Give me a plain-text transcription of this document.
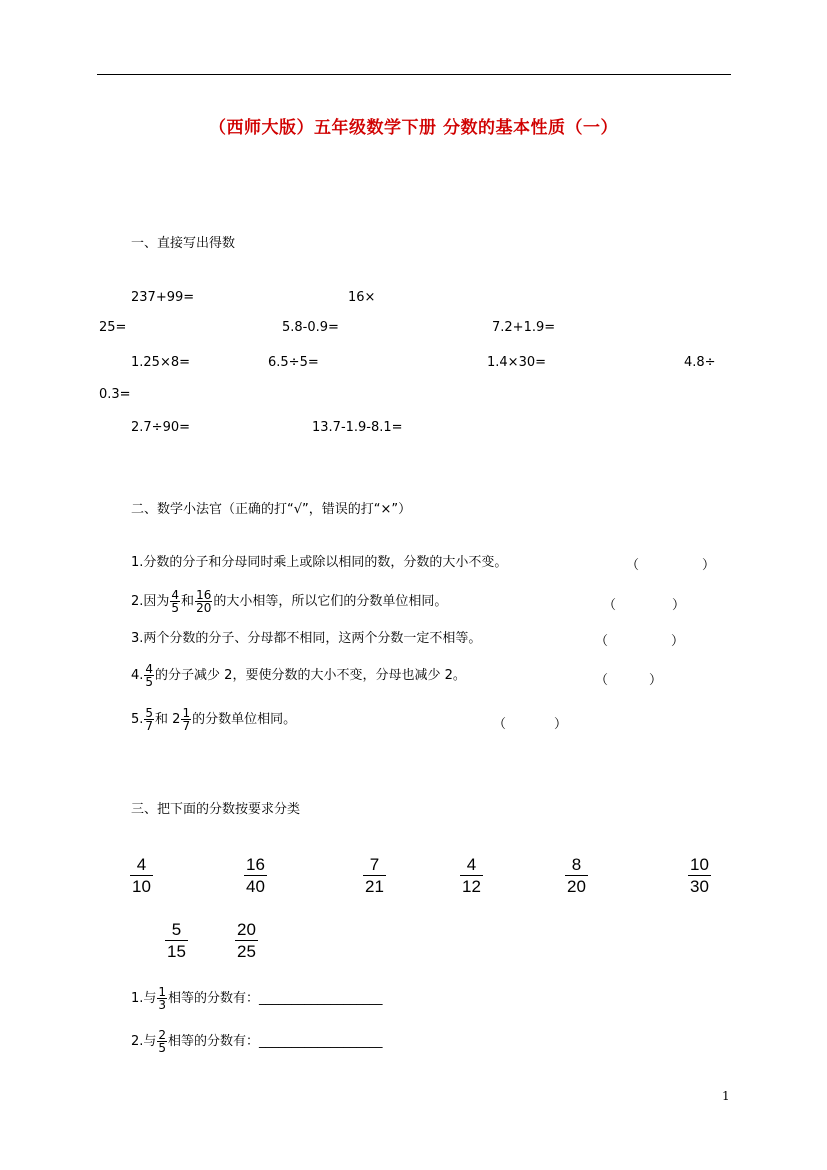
（西师大版）五年级数学下册 分数的基本性质（一）
一、直接写出得数
237+99=	16×
25=	5.8-0.9=	7.2+1.9=
1.25×8=	6.5÷5=	1.4×30=	4.8÷
0.3=
2.7÷90=	13.7-1.9-8.1=
二、数学小法官（正确的打“√”，错误的打“×”）
1.分数的分子和分母同时乘上或除以相同的数，分数的大小不变。	（	）
2.因为 $\frac{4}{5}$ 和 $\frac{16}{20}$ 的大小相等，所以它们的分数单位相同。	（	）
3.两个分数的分子、分母都不相同，这两个分数一定不相等。	（	）
4. $\frac{4}{5}$ 的分子减少 2，要使分数的大小不变，分母也减少 2。	（	）
5. $\frac{5}{7}$ 和 $2 \frac{1}{7}$ 的分数单位相同。	（	）
三、把下面的分数按要求分类
4
10
16
40
7
21
4
12
8
20
10
30
5
15
20
25
1.与 $\frac{1}{3}$ 相等的分数有：___________________
2.与 $\frac{2}{5}$ 相等的分数有：___________________
1
